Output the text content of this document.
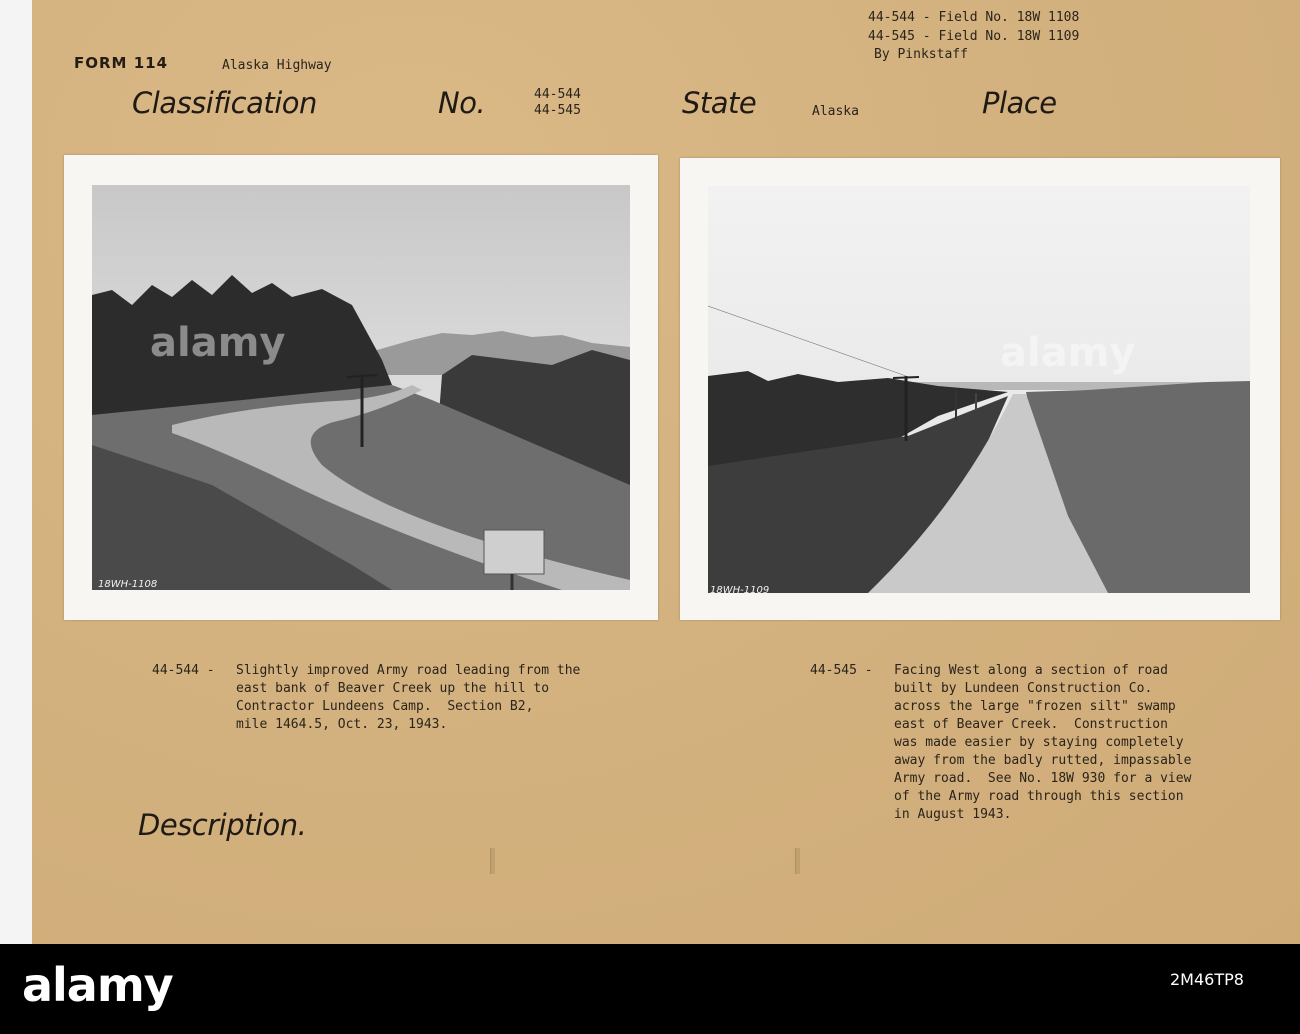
44-544 - Field No. 18W 1108
44-545 - Field No. 18W 1109
By Pinkstaff
FORM 114	Alaska Highway
Classification	No.	44-544
44-545	State	Alaska	Place
18WH-1108
18WH-1109
44-544 - Slightly improved Army road leading from the
east bank of Beaver Creek up the hill to
Contractor Lundeens Camp.  Section B2,
mile 1464.5, Oct. 23, 1943.
44-545 - Facing West along a section of road
built by Lundeen Construction Co.
across the large "frozen silt" swamp
east of Beaver Creek.  Construction
was made easier by staying completely
away from the badly rutted, impassable
Army road.  See No. 18W 930 for a view
of the Army road through this section
in August 1943.
Description.
alamy	alamy
alamy	2M46TP8
